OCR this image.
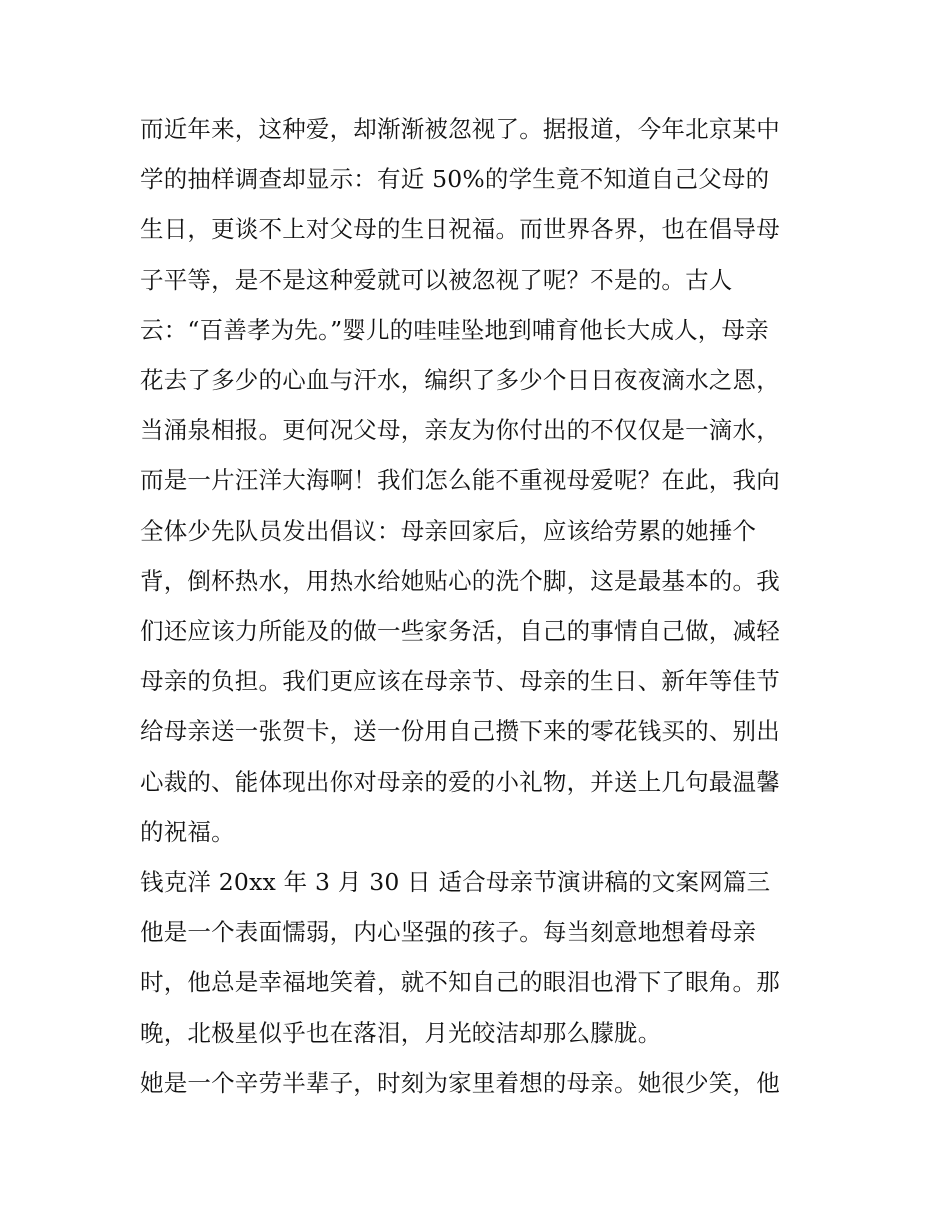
而近年来，这种爱，却渐渐被忽视了。据报道，今年北京某中
学的抽样调查却显示：有近 50%的学生竟不知道自己父母的
生日，更谈不上对父母的生日祝福。而世界各界，也在倡导母
子平等，是不是这种爱就可以被忽视了呢？不是的。古人
云：“百善孝为先。”婴儿的哇哇坠地到哺育他长大成人，母亲
花去了多少的心血与汗水，编织了多少个日日夜夜滴水之恩，
当涌泉相报。更何况父母，亲友为你付出的不仅仅是一滴水，
而是一片汪洋大海啊！我们怎么能不重视母爱呢？在此，我向
全体少先队员发出倡议：母亲回家后，应该给劳累的她捶个
背，倒杯热水，用热水给她贴心的洗个脚，这是最基本的。我
们还应该力所能及的做一些家务活，自己的事情自己做，减轻
母亲的负担。我们更应该在母亲节、母亲的生日、新年等佳节
给母亲送一张贺卡，送一份用自己攒下来的零花钱买的、别出
心裁的、能体现出你对母亲的爱的小礼物，并送上几句最温馨
的祝福。
钱克洋 20xx 年 3 月 30 日 适合母亲节演讲稿的文案网篇三
他是一个表面懦弱，内心坚强的孩子。每当刻意地想着母亲
时，他总是幸福地笑着，就不知自己的眼泪也滑下了眼角。那
晚，北极星似乎也在落泪，月光皎洁却那么朦胧。
她是一个辛劳半辈子，时刻为家里着想的母亲。她很少笑，他
